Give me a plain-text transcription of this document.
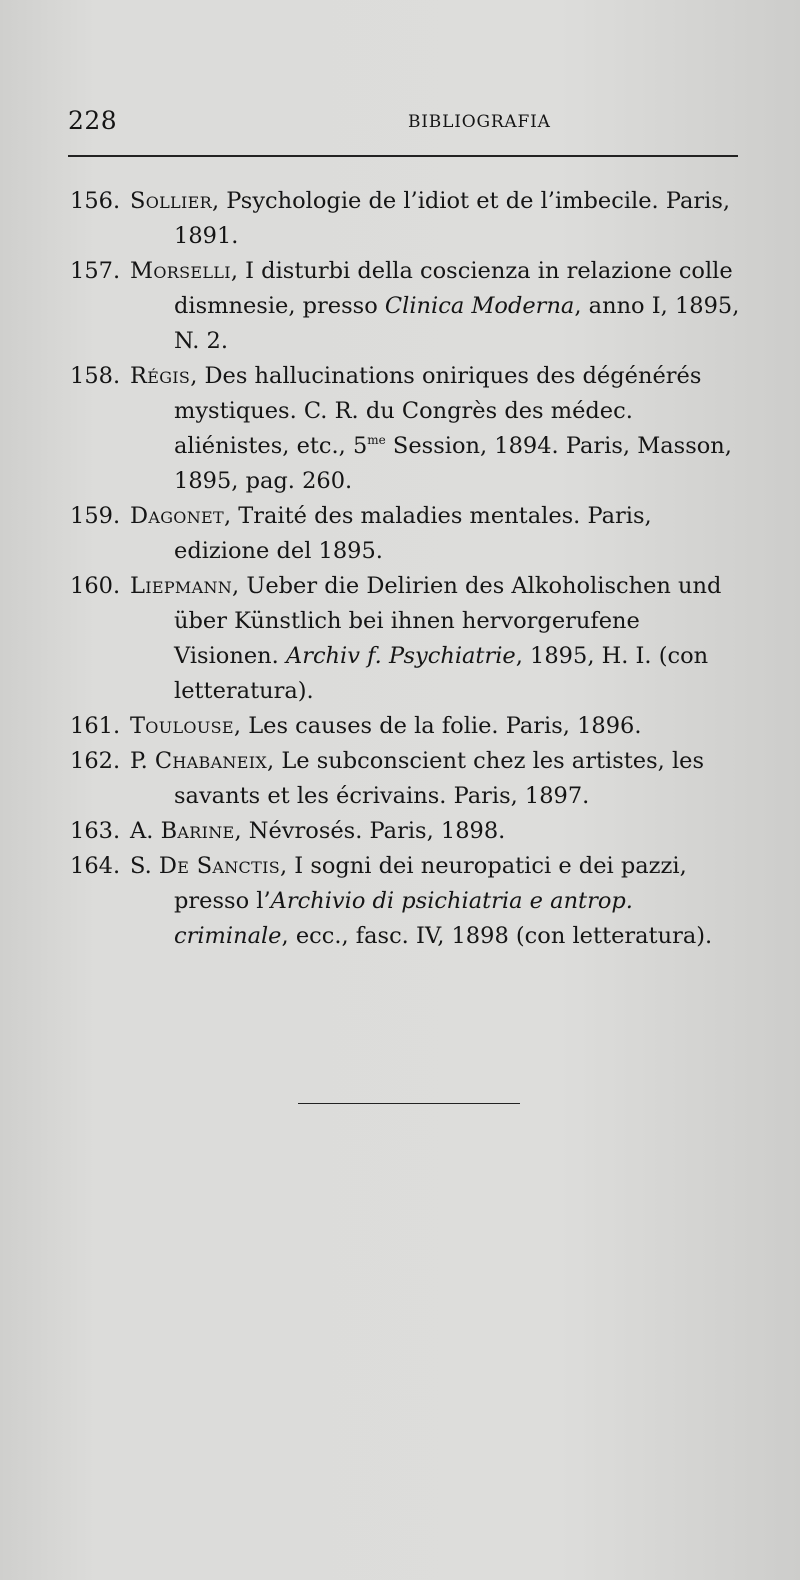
228	BIBLIOGRAFIA
156. Sollier, Psychologie de l’idiot et de l’imbecile. Paris, 1891.
157. Morselli, I disturbi della coscienza in relazione colle dismnesie, presso Clinica Moderna, anno I, 1895, N. 2.
158. Régis, Des hallucinations oniriques des dégénérés mystiques. C. R. du Congrès des médec. aliénistes, etc., $5^{me}$ Session, 1894. Paris, Masson, 1895, pag. 260.
159. Dagonet, Traité des maladies mentales. Paris, edizione del 1895.
160. Liepmann, Ueber die Delirien des Alkoholischen und über Künstlich bei ihnen hervorgerufene Visionen. Archiv f. Psychiatrie, 1895, H. I. (con letteratura).
161. Toulouse, Les causes de la folie. Paris, 1896.
162. P. Chabaneix, Le subconscient chez les artistes, les savants et les écrivains. Paris, 1897.
163. A. Barine, Névrosés. Paris, 1898.
164. S. De Sanctis, I sogni dei neuropatici e dei pazzi, presso l’Archivio di psichiatria e antrop. criminale, ecc., fasc. IV, 1898 (con letteratura).
